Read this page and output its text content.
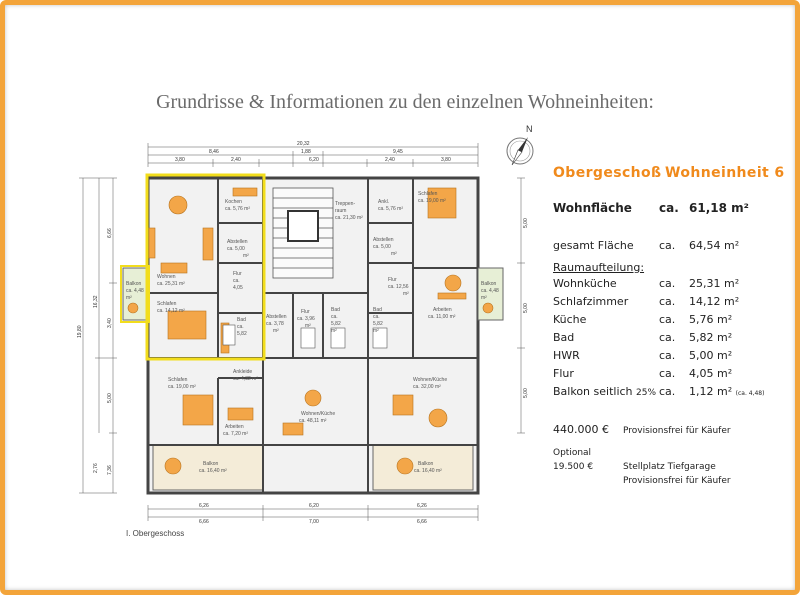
Grundrisse & Informationen zu den einzelnen Wohneinheiten:
N
20,32
8,46	1,88	9,45
3,80	2,40	6,20	2,40	3,80
6,26	6,20	6,26
6,66	7,00	6,66
19,80
16,32
6,66
3,40
5,00
2,76 7,36
5,00
5,00
5,00
Kochen
ca. 5,76 m²
Abstellen
ca. 5,00
m²
Wohnen
ca. 25,31 m²
Flur
ca.
4,05
Balkon
ca. 4,48
m²
Schlafen
ca. 14,12 m²
Bad
ca.
5,82
Treppen-
raum
ca. 21,30 m²
Ankl.
ca. 5,76 m²
Schlafen
ca. 19,00 m²
Abstellen
ca. 5,00
m²
Flur
ca. 12,56
m²
Arbeiten
ca. 11,00 m²
Balkon
ca. 4,48
m²
Abstellen
ca. 3,78
m²
Flur
ca. 3,96
m²
Bad
ca.
5,82
m²
Bad
ca.
5,82
m²
Schlafen
ca. 19,00 m²
Ankleide
ca. 4,32 m²
Arbeiten
ca. 7,20 m²
Wohnen/Küche
ca. 48,11 m²
Wohnen/Küche
ca. 32,00 m²
Balkon
ca. 16,40 m²
Balkon
ca. 16,40 m²
I. Obergeschoss
Obergeschoß Wohneinheit 6
Wohnfläche ca. 61,18 m²
gesamt Fläche ca. 64,54 m²
Raumaufteilung:
Wohnküche	ca. 25,31 m²
Schlafzimmer	ca. 14,12 m²
Küche	ca. 5,76 m²
Bad	ca. 5,82 m²
HWR	ca. 5,00 m²
Flur	ca. 4,05 m²
Balkon seitlich 25% ca. 1,12 m² (ca. 4,48)
440.000 € Provisionsfrei für Käufer
Optional
19.500 €	Stellplatz Tiefgarage
Provisionsfrei für Käufer
